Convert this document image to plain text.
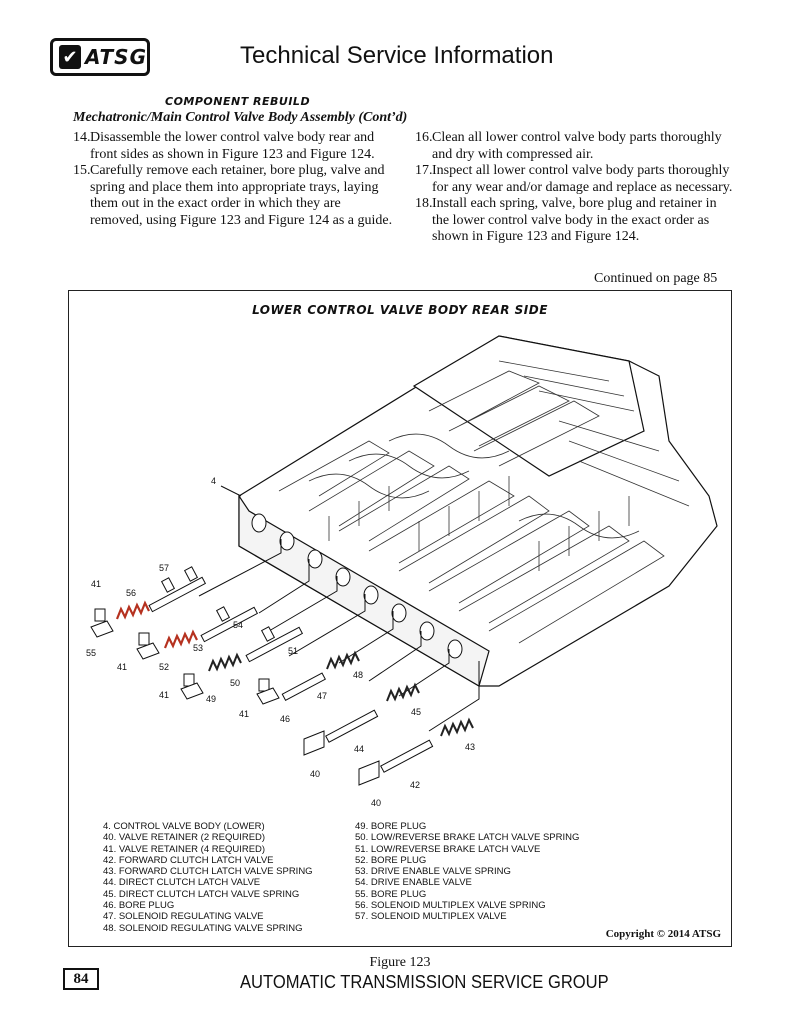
✔ ATSG	Technical Service Information
COMPONENT REBUILD
Mechatronic/Main Control Valve Body Assembly (Cont’d)
14. Disassemble the lower control valve body rear and front sides as shown in Figure 123 and Figure 124.
15. Carefully remove each retainer, bore plug, valve and spring and place them into appropriate trays, laying them out in the exact order in which they are removed, using Figure 123 and Figure 124 as a guide.
16. Clean all lower control valve body parts thoroughly and dry with compressed air.
17. Inspect all lower control valve body parts thoroughly for any wear and/or damage and replace as necessary.
18. Install each spring, valve, bore plug and retainer in the lower control valve body in the exact order as shown in Figure 123 and Figure 124.
Continued on page 85
LOWER CONTROL VALVE BODY REAR SIDE
4
57
41
56
54
55	53	51
41	52
50
48
41	49	47
41	46
45
44	43
40
42
40
4. CONTROL VALVE BODY (LOWER)
40. VALVE RETAINER (2 REQUIRED)
41. VALVE RETAINER (4 REQUIRED)
42. FORWARD CLUTCH LATCH VALVE
43. FORWARD CLUTCH LATCH VALVE SPRING
44. DIRECT CLUTCH LATCH VALVE
45. DIRECT CLUTCH LATCH VALVE SPRING
46. BORE PLUG
47. SOLENOID REGULATING VALVE
48. SOLENOID REGULATING VALVE SPRING
49. BORE PLUG
50. LOW/REVERSE BRAKE LATCH VALVE SPRING
51. LOW/REVERSE BRAKE LATCH VALVE
52. BORE PLUG
53. DRIVE ENABLE VALVE SPRING
54. DRIVE ENABLE VALVE
55. BORE PLUG
56. SOLENOID MULTIPLEX VALVE SPRING
57. SOLENOID MULTIPLEX VALVE
Copyright © 2014 ATSG
Figure 123
84	AUTOMATIC TRANSMISSION SERVICE GROUP
